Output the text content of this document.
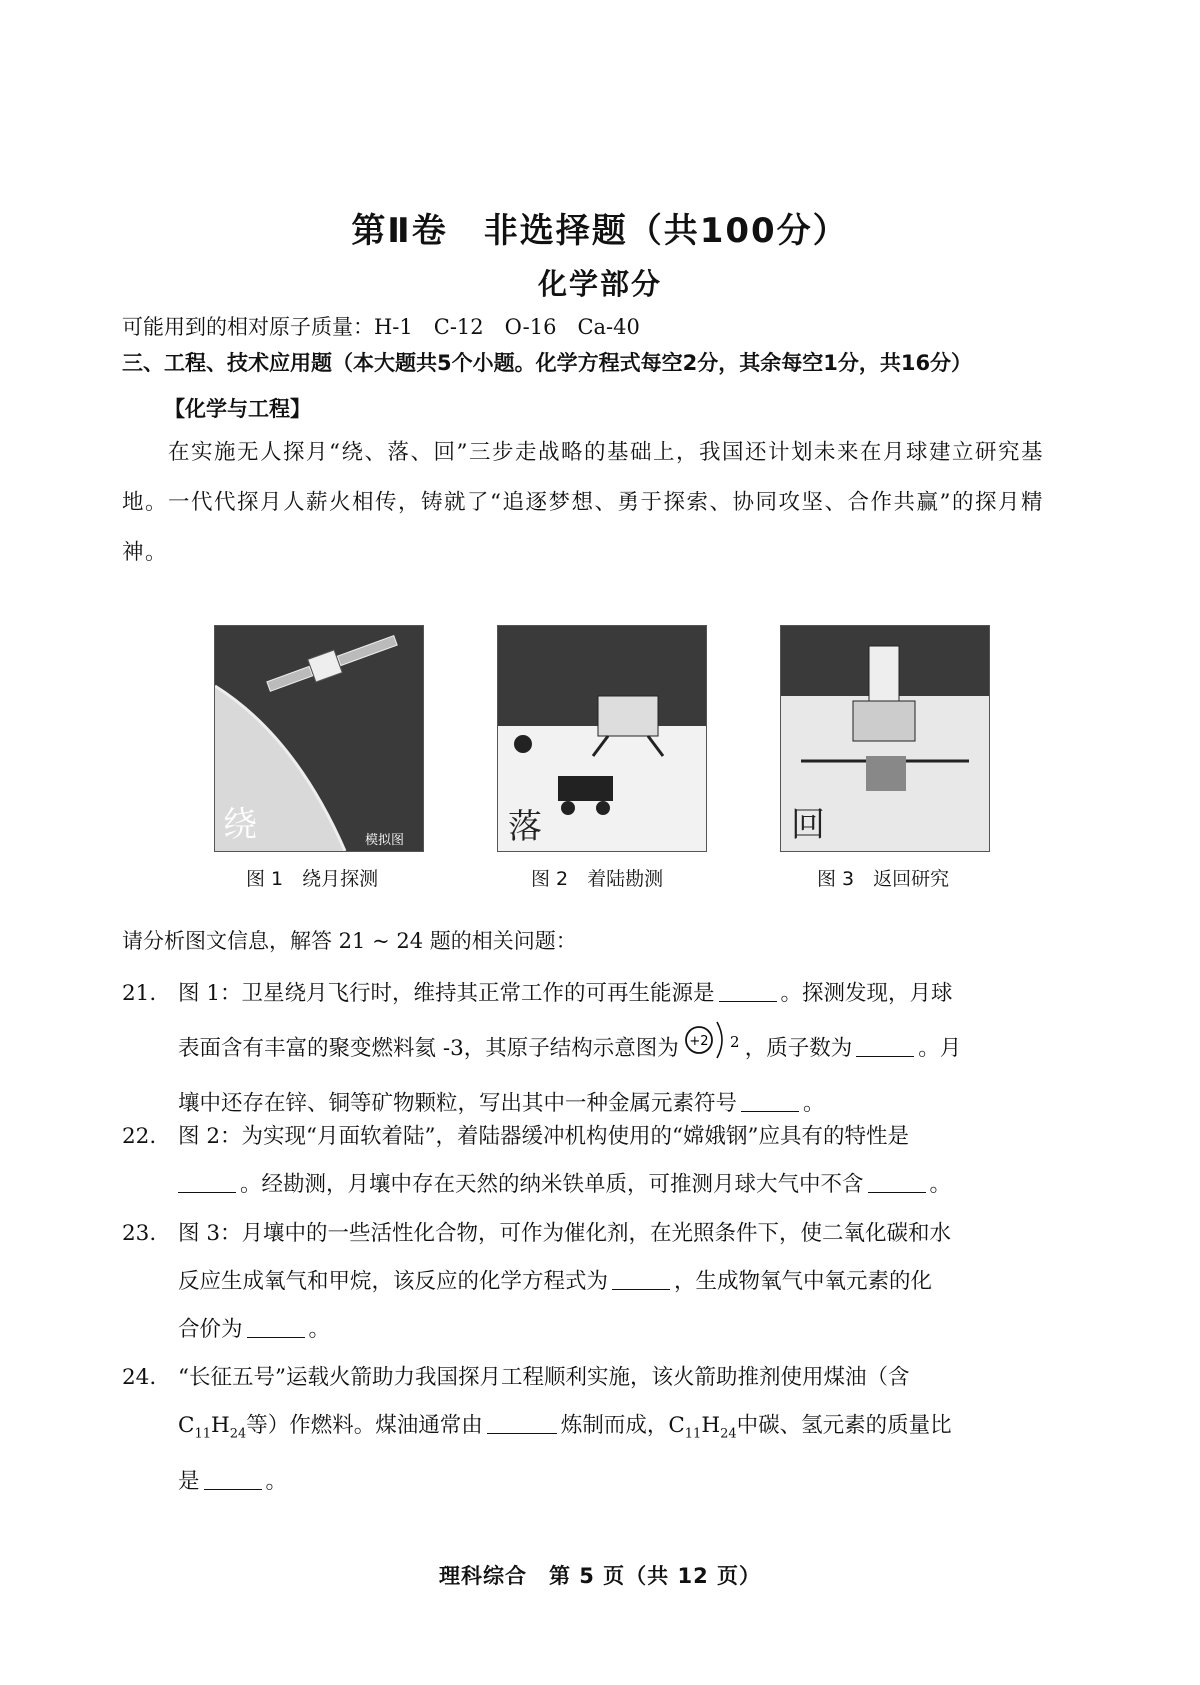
第Ⅱ卷　非选择题（共100分）
化学部分
可能用到的相对原子质量：H-1　C-12　O-16　Ca-40
三、工程、技术应用题（本大题共5个小题。化学方程式每空2分，其余每空1分，共16分）
【化学与工程】
在实施无人探月“绕、落、回”三步走战略的基础上，我国还计划未来在月球建立研究基地。一代代探月人薪火相传，铸就了“追逐梦想、勇于探索、协同攻坚、合作共赢”的探月精神。
绕	模拟图	落	回
图 1　绕月探测	图 2　着陆勘测	图 3　返回研究
请分析图文信息，解答 21 ~ 24 题的相关问题：
21. 图 1：卫星绕月飞行时，维持其正常工作的可再生能源是	。探测发现，月球
表面含有丰富的聚变燃料氦 -3，其原子结构示意图为 +2 2 ，质子数为	。月
壤中还存在锌、铜等矿物颗粒，写出其中一种金属元素符号	。
22. 图 2：为实现“月面软着陆”，着陆器缓冲机构使用的“嫦娥钢”应具有的特性是
。经勘测，月壤中存在天然的纳米铁单质，可推测月球大气中不含	。
23. 图 3：月壤中的一些活性化合物，可作为催化剂，在光照条件下，使二氧化碳和水
反应生成氧气和甲烷，该反应的化学方程式为	，生成物氧气中氧元素的化
合价为	。
24. “长征五号”运载火箭助力我国探月工程顺利实施，该火箭助推剂使用煤油（含
$C_{11}H_{24}$等）作燃料。煤油通常由	炼制而成，$C_{11}H_{24}$中碳、氢元素的质量比
是	。
理科综合　第 5 页（共 12 页）
